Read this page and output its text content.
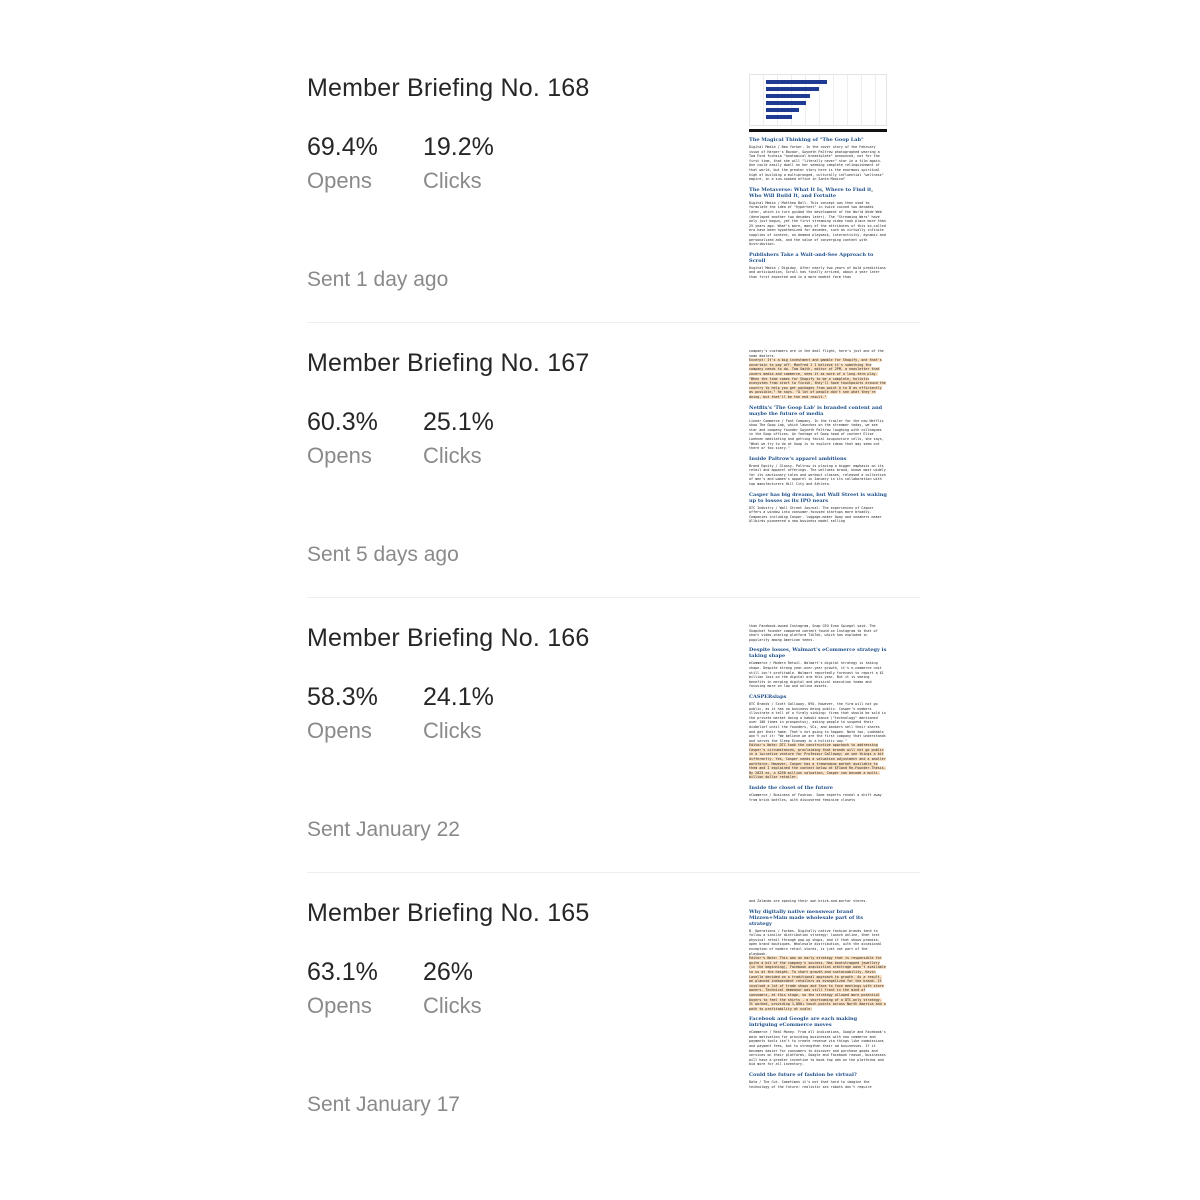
Member Briefing No. 168
69.4%
Opens
19.2%
Clicks
Sent 1 day ago
The Magical Thinking of "The Goop Lab"
Digital Media / New Yorker. In the cover story of the February issue of Harper's Bazaar, Gwyneth Paltrow photographed wearing a Tom Ford fuchsia "anatomical breastplate" announced, not for the first time, that she will "literally never" star in a film again. One could easily dwell on her seeming complete relinquishment of that world, but the greater story here is the enormous spiritual high of building a multipronged, culturally influential "wellness" empire, in a sun-soaked office in Santa Monica?
The Metaverse: What It Is, Where to Find it, Who Will Build It, and Fortnite
Digital Media / Matthew Ball. This concept was then used to formulate the idea of "hypertext" in twice coined two decades later, which in turn guided the development of the World Wide Web (developed another two decades later). The "Streaming Wars" have only just begun, yet the first streaming video took place more than 25 years ago. What's more, many of the attributes of this so-called era have been hypothesized for decades, such as virtually infinite supplies of content, on-demand playback, interactivity, dynamic and personalized ads, and the value of converging content with distribution.
Publishers Take a Wait-and-See Approach to Scroll
Digital Media / Digiday. After nearly two years of bold predictions and anticipation, Scroll has finally arrived, about a year later than first expected and in a more modest form than
Member Briefing No. 167
60.3%
Opens
25.1%
Clicks
Sent 5 days ago
company's customers are in the deal flight, here's just one of the some dealers.
Excerpt: It's a big investment and gamble for Shopify, one that's uncertain to pay off. Manfred 1 I believe it's something the company needs to do. Tom Smith, editor of 2PM, a newsletter that covers media and commerce, sees it as more of a long-term play. "When the time comes for Shopify to be a complete, holistic ecosystem from start to finish, they'll have touchpoints around the country to help you get packages from point A to B as efficiently as possible," he says. "A lot of people don't see what they're doing, but that'll be the end result."
Netflix's 'The Goop Lab' is branded content and maybe the future of media
Linear Commerce / Fast Company. In the trailer for the new Netflix show The Goop Lab, which launches on the streamer today, we see star and company founder Gwyneth Paltrow laughing with colleagues in the Goop offices. An footage of Goop head of content Elise Loehnen meditating and getting facial acupuncture cells, she says, "What we try to do at Goop is to explore ideas that may seem out there or too scary."
Inside Paltrow's apparel ambitions
Brand Equity / Glossy. Paltrow is placing a bigger emphasis on its retail and apparel offerings. The wellness brand, known most widely for its cautionary tales and workout classes, released a collection of men's and women's apparel in January in its collaboration with top manufacturers Hill City and Athleta.
Casper has big dreams, but Wall Street is waking up to losses as its IPO nears
DTC Industry / Wall Street Journal. The experiences of Casper offers a window into consumer-focused startups more broadly. Companies including Casper, luggage-maker Away and sneakers maker Allbirds pioneered a new business model selling
Member Briefing No. 166
58.3%
Opens
24.1%
Clicks
Sent January 22
than Facebook-owned Instagram, Snap CEO Evan Spiegel said. The Snapchat founder compared content found on Instagram to that of short video-sharing platform TikTok, which has exploded in popularity among American teens.
Despite losses, Walmart's eCommerce strategy is taking shape
eCommerce / Modern Retail. Walmart's digital strategy is taking shape. Despite strong year-over-year growth, it's e-commerce unit still isn't profitable. Walmart reportedly forecast to report a $1 billion loss on the digital arm this year. But it is seeing benefits in merging digital and physical execution teams and focusing more on low and online assets.
CASPERslaps
DTC Brands / Scott Galloway, NYU. However, the firm will not go public, as it has no business being public. Casper's numbers illustrate a tell of a firmly sinking: firms that should be sold in the private market doing a kabuki dance ("technology" mentioned over 100 times in prospectus), asking people to suspend their disbelief until the founders, VCs, and bankers sell their shares and get their home. That's not going to happen. Note too, cuddable won't cut it: "We believe we are the first company that understands and serves the Sleep Economy in a holistic way."
Editor's Note: DTC took the constructive approach to addressing Casper's circumstances, proclaiming that brands will not go public in a lucrative venture for Professor Galloway; we see things a bit differently. Yes, Casper needs a valuation adjustment and a smaller workforce. However, Casper has a tremendous market available to them and I explained the context below at $F1and Re-Founder-Thesis. By 2023 ex, a $250 million valuation, Casper can become a multi-billion dollar retailer.
Inside the closet of the future
eCommerce / Business of Fashion. Some experts reveal a shift away from brick bottles, with discovered feminine closets
Member Briefing No. 165
63.1%
Opens
26%
Clicks
Sent January 17
and Zalando are opening their own brick-and-mortar stores.
Why digitally native menswear brand Mizzen+Main made wholesale part of its strategy
B. Operations / Forbes. Digitally native fashion brands tend to follow a similar distribution strategy: launch online, then test physical retail through pop-up shops, and if that shows promise, open brand boutiques. Wholesale distribution, with the occasional exception of modern retail stores, is just not part of the playbook.
Editor's Note: This was an early strategy that is responsible for quite a bit of the company's success. Has bootstrapped jewellery (in the beginning), Facebook acquisition arbitrage wasn't available to us at the height. To chart growth and sustainability, Kevin Lavelle decided on a traditional approach to growth. As a result, we planned independent retailers as evangelized for the brand. It involved a lot of trade shows and face to face meetings with store owners. Technical demeanor was still front in the mind of consumers, at this stage, so the strategy allowed more potential buyers to feel the shirts - a shortcoming of a DTC-only strategy. It worked, providing 1,000+ touch points across North America and a path to profitability at scale.
Facebook and Google are each making intriguing eCommerce moves
eCommerce / Real Money. From all indications, Google and Facebook's main motivation for providing businesses with new commerce and payments tools isn't to create revenue via things like commissions and payment fees, but to strengthen their ad businesses. If it becomes easier for consumers to discover and purchase goods and services on their platforms, Google and Facebook reason, businesses will have a greater incentive to book top ads on the platforms and bid more for all inventory.
Could the future of fashion be virtual?
Data / The Cut. Sometimes it's not that hard to imagine the technology of the future: realistic sex robots don't require
